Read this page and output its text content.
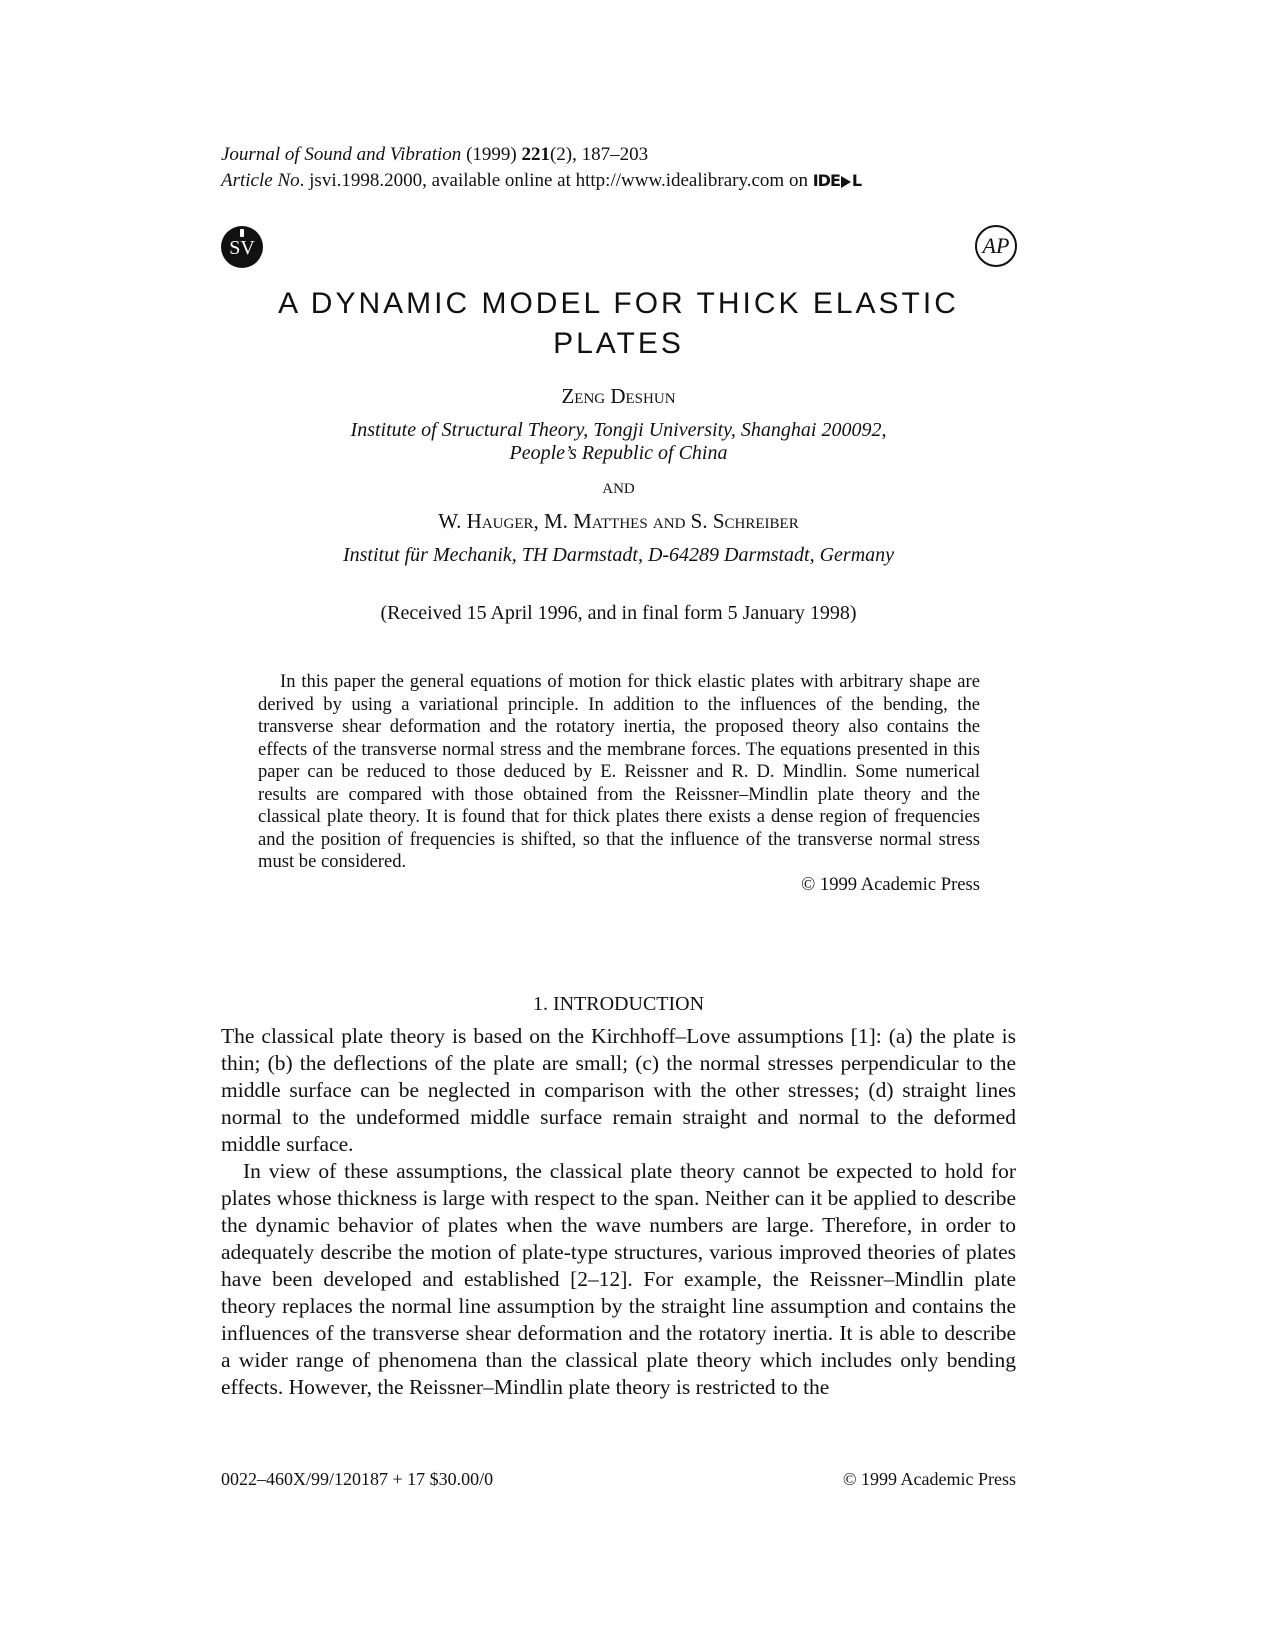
Journal of Sound and Vibration (1999) 221(2), 187–203
Article No. jsvi.1998.2000, available online at http://www.idealibrary.com on IDE L
SV	AP
A DYNAMIC MODEL FOR THICK ELASTIC
PLATES
Zeng Deshun
Institute of Structural Theory, Tongji University, Shanghai 200092,
People’s Republic of China
and
W. Hauger, M. Matthes and S. Schreiber
Institut für Mechanik, TH Darmstadt, D-64289 Darmstadt, Germany
(Received 15 April 1996, and in final form 5 January 1998)

In this paper the general equations of motion for thick elastic plates with arbitrary shape are derived by using a variational principle. In addition to the influences of the bending, the transverse shear deformation and the rotatory inertia, the proposed theory also contains the effects of the transverse normal stress and the membrane forces. The equations presented in this paper can be reduced to those deduced by E. Reissner and R. D. Mindlin. Some numerical results are compared with those obtained from the Reissner–Mindlin plate theory and the classical plate theory. It is found that for thick plates there exists a dense region of frequencies and the position of frequencies is shifted, so that the influence of the transverse normal stress must be considered.

© 1999 Academic Press
1. INTRODUCTION

The classical plate theory is based on the Kirchhoff–Love assumptions [1]: (a) the plate is thin; (b) the deflections of the plate are small; (c) the normal stresses perpendicular to the middle surface can be neglected in comparison with the other stresses; (d) straight lines normal to the undeformed middle surface remain straight and normal to the deformed middle surface.

In view of these assumptions, the classical plate theory cannot be expected to hold for plates whose thickness is large with respect to the span. Neither can it be applied to describe the dynamic behavior of plates when the wave numbers are large. Therefore, in order to adequately describe the motion of plate-type structures, various improved theories of plates have been developed and established [2–12]. For example, the Reissner–Mindlin plate theory replaces the normal line assumption by the straight line assumption and contains the influences of the transverse shear deformation and the rotatory inertia. It is able to describe a wider range of phenomena than the classical plate theory which includes only bending effects. However, the Reissner–Mindlin plate theory is restricted to the

0022–460X/99/120187 + 17 $30.00/0	© 1999 Academic Press
